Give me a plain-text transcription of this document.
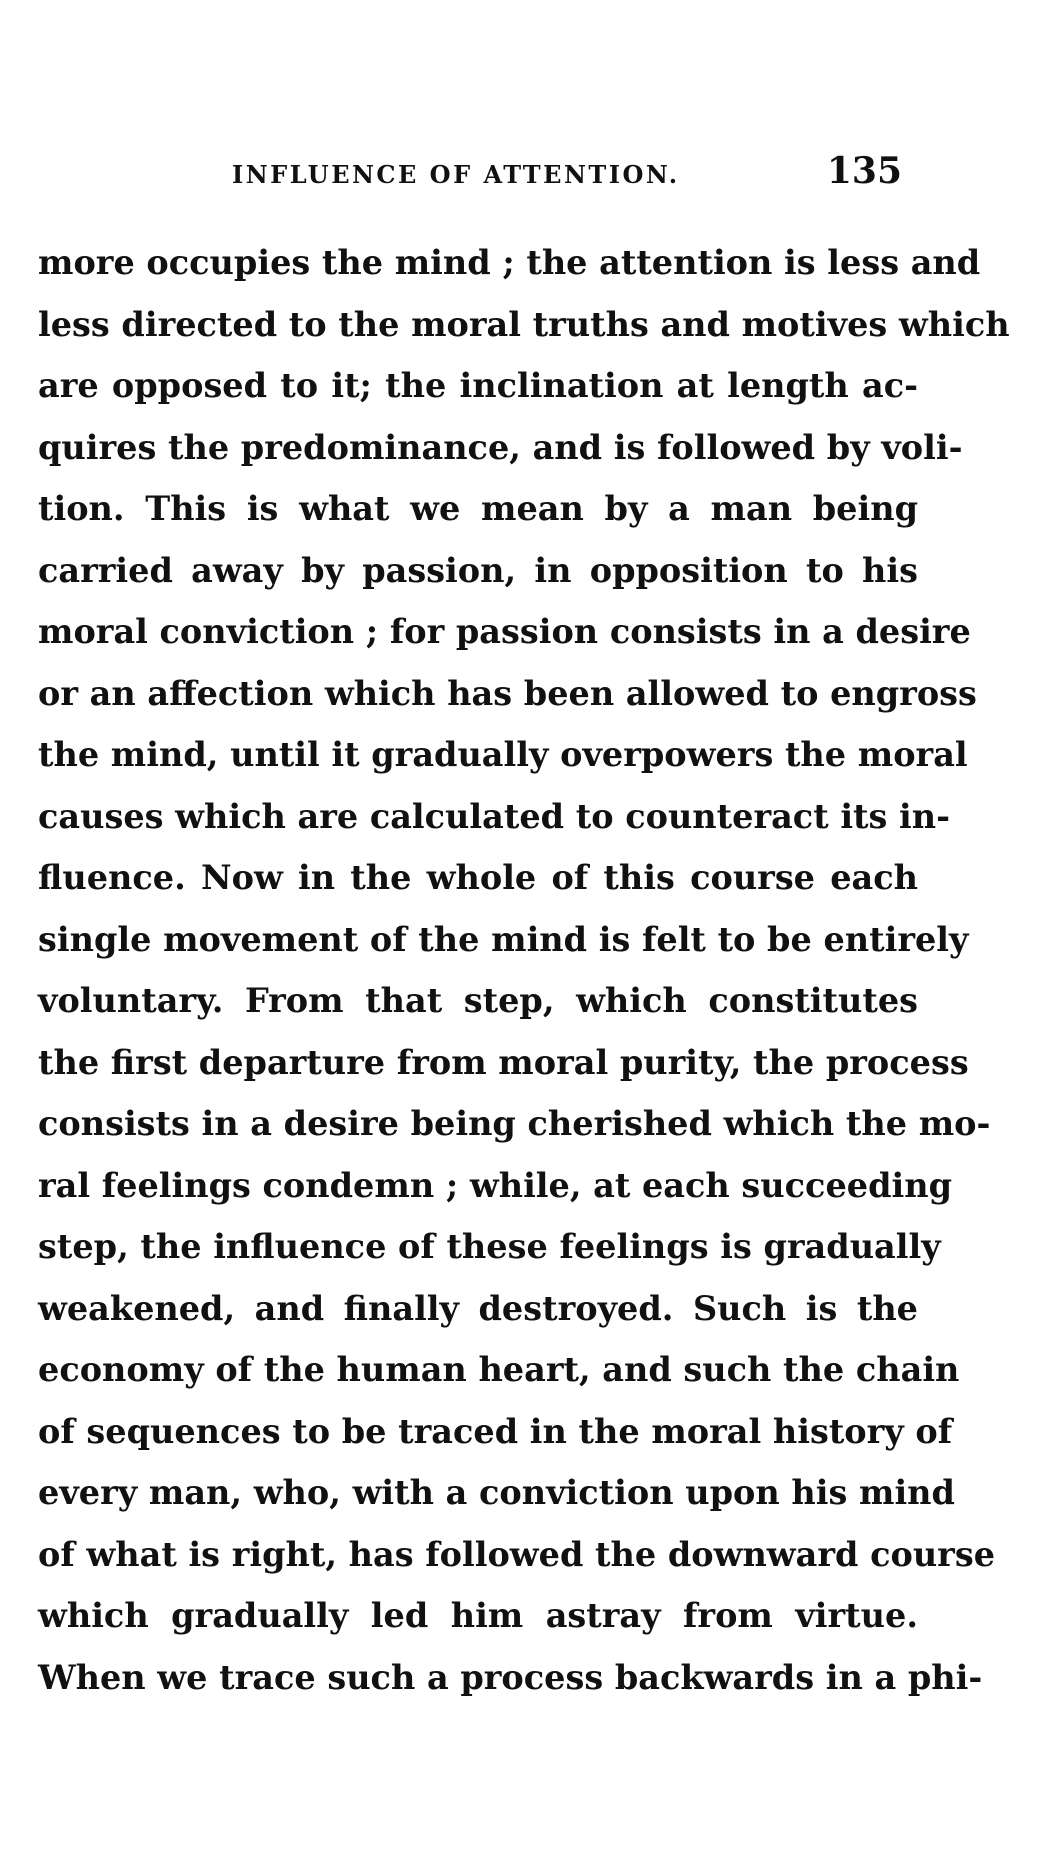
INFLUENCE OF ATTENTION.	135
more occupies the mind ; the attention is less and
less directed to the moral truths and motives which
are opposed to it; the inclination at length ac-
quires the predominance, and is followed by voli-
tion. This is what we mean by a man being
carried away by passion, in opposition to his
moral conviction ; for passion consists in a desire
or an affection which has been allowed to engross
the mind, until it gradually overpowers the moral
causes which are calculated to counteract its in-
fluence. Now in the whole of this course each
single movement of the mind is felt to be entirely
voluntary. From that step, which constitutes
the first departure from moral purity, the process
consists in a desire being cherished which the mo-
ral feelings condemn ; while, at each succeeding
step, the influence of these feelings is gradually
weakened, and finally destroyed. Such is the
economy of the human heart, and such the chain
of sequences to be traced in the moral history of
every man, who, with a conviction upon his mind
of what is right, has followed the downward course
which gradually led him astray from virtue.
When we trace such a process backwards in a phi-
